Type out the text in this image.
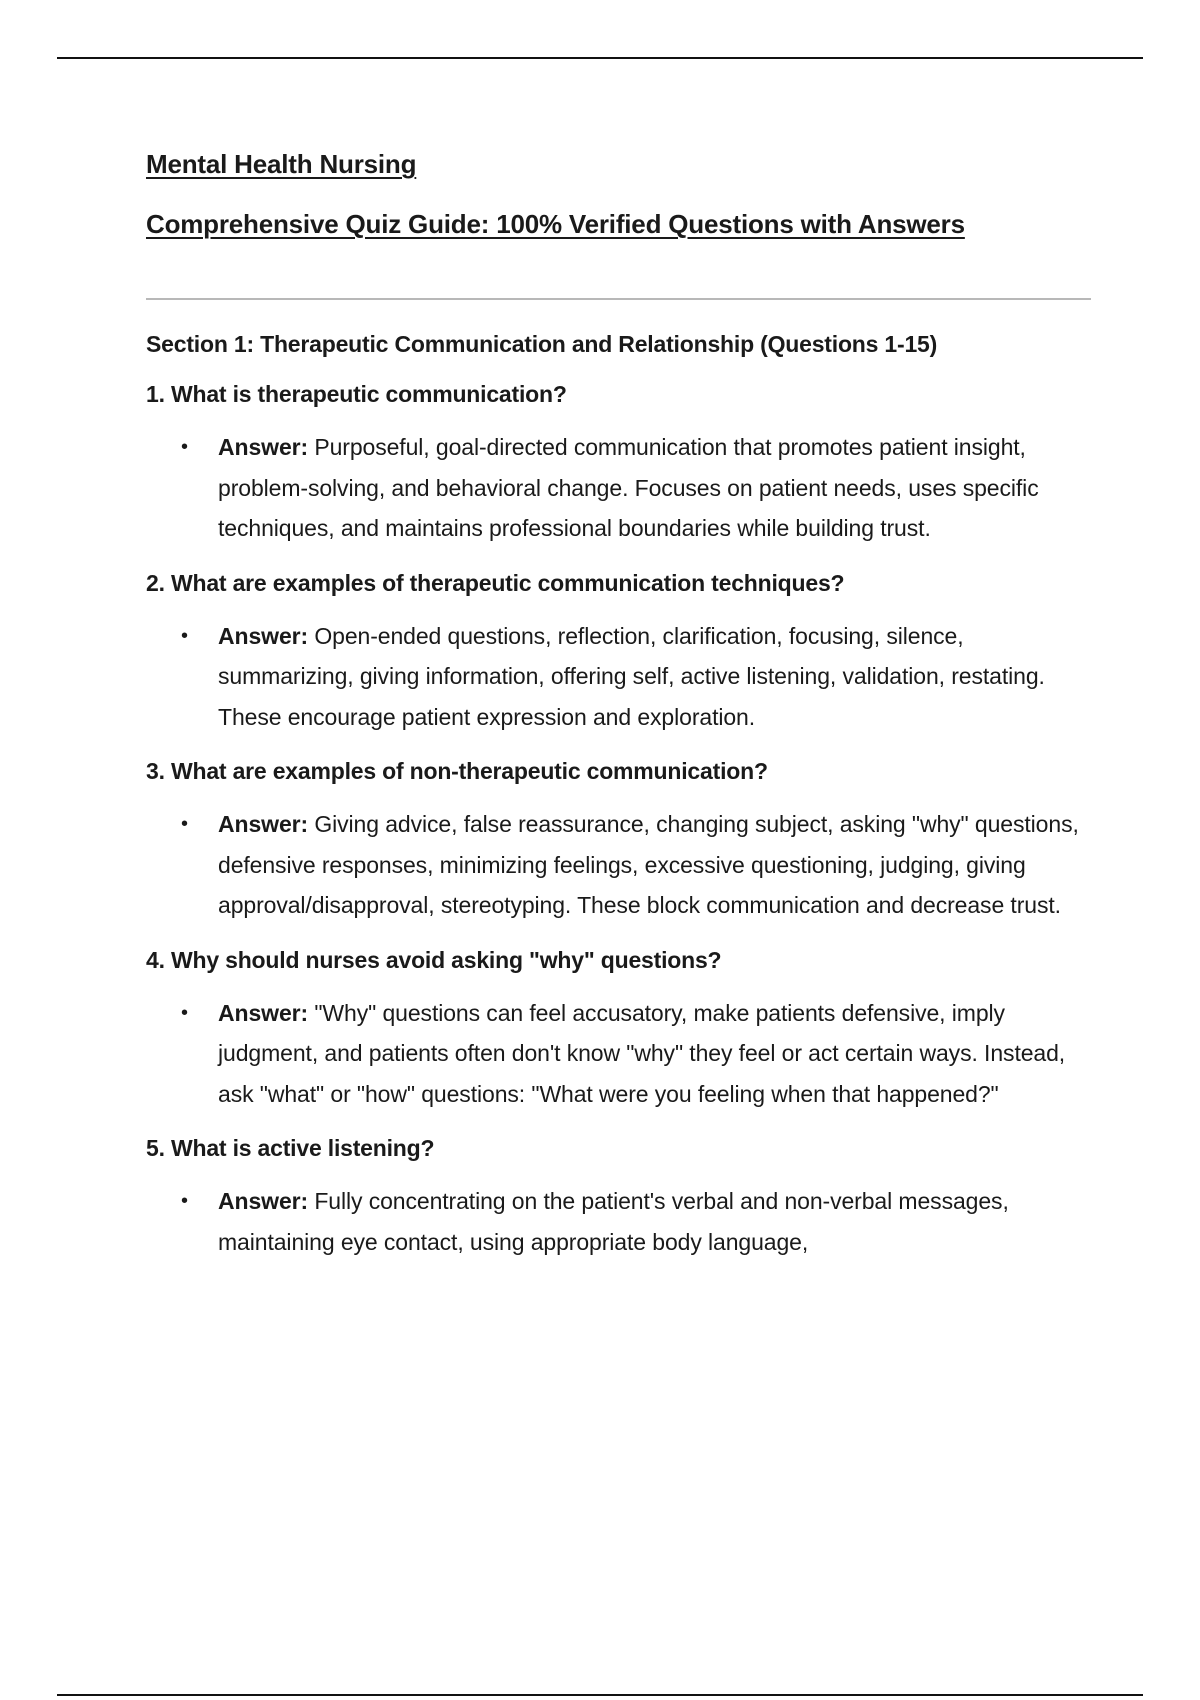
Mental Health Nursing
Comprehensive Quiz Guide: 100% Verified Questions with Answers
Section 1: Therapeutic Communication and Relationship (Questions 1-15)

1. What is therapeutic communication?

• Answer: Purposeful, goal-directed communication that promotes patient insight, problem-solving, and behavioral change. Focuses on patient needs, uses specific techniques, and maintains professional boundaries while building trust.

2. What are examples of therapeutic communication techniques?

• Answer: Open-ended questions, reflection, clarification, focusing, silence, summarizing, giving information, offering self, active listening, validation, restating. These encourage patient expression and exploration.

3. What are examples of non-therapeutic communication?

• Answer: Giving advice, false reassurance, changing subject, asking "why" questions, defensive responses, minimizing feelings, excessive questioning, judging, giving approval/disapproval, stereotyping. These block communication and decrease trust.

4. Why should nurses avoid asking "why" questions?

• Answer: "Why" questions can feel accusatory, make patients defensive, imply judgment, and patients often don't know "why" they feel or act certain ways. Instead, ask "what" or "how" questions: "What were you feeling when that happened?"

5. What is active listening?

• Answer: Fully concentrating on the patient's verbal and non-verbal messages, maintaining eye contact, using appropriate body language,
